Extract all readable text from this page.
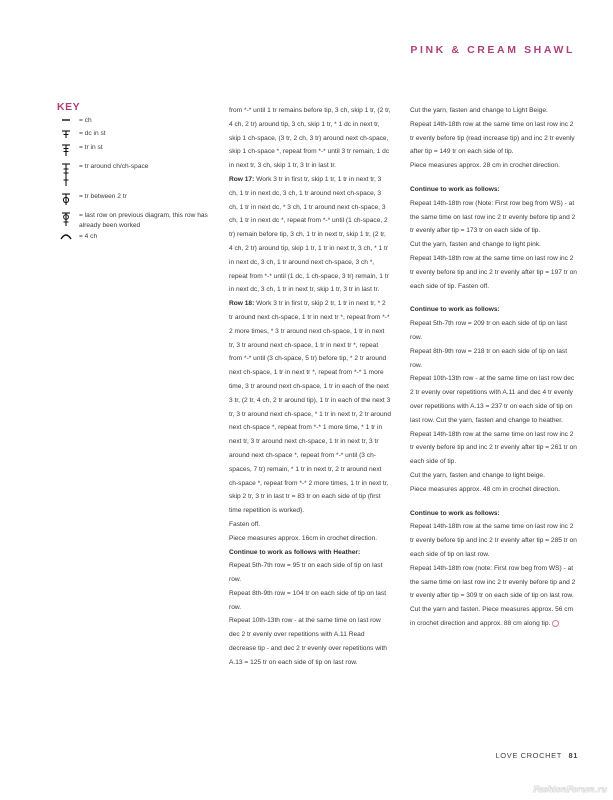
PINK & CREAM SHAWL
KEY
= ch
= dc in st
= tr in st
= tr around ch/ch-space
= tr between 2 tr
= last row on previous diagram, this row has already been worked
= 4 ch

from *-* until 1 tr remains before tip, 3 ch, skip 1 tr, (2 tr, 4 ch, 2 tr) around tip, 3 ch, skip 1 tr, * 1 dc in next tr, skip 1 ch-space, (3 tr, 2 ch, 3 tr) around next ch-space, skip 1 ch-space *, repeat from *-* until 3 tr remain, 1 dc in next tr, 3 ch, skip 1 tr, 3 tr in last tr.

Row 17: Work 3 tr in first tr, skip 1 tr, 1 tr in next tr, 3 ch, 1 tr in next dc, 3 ch, 1 tr around next ch-space, 3 ch, 1 tr in next dc, * 3 ch, 1 tr around next ch-space, 3 ch, 1 tr in next dc *, repeat from *-* until (1 ch-space, 2 tr) remain before tip, 3 ch, 1 tr in next tr, skip 1 tr, (2 tr, 4 ch, 2 tr) around tip, skip 1 tr, 1 tr in next tr, 3 ch, * 1 tr in next dc, 3 ch, 1 tr around next ch-space, 3 ch *, repeat from *-* until (1 dc, 1 ch-space, 3 tr) remain, 1 tr in next dc, 3 ch, 1 tr in next tr, skip 1 tr, 3 tr in last tr.

Row 18: Work 3 tr in first tr, skip 2 tr, 1 tr in next tr, * 2 tr around next ch-space, 1 tr in next tr *, repeat from *-* 2 more times, * 3 tr around next ch-space, 1 tr in next tr, 3 tr around next ch-space, 1 tr in next tr *, repeat from *-* until (3 ch-space, 5 tr) before tip, * 2 tr around next ch-space, 1 tr in next tr *, repeat from *-* 1 more time, 3 tr around next ch-space, 1 tr in each of the next 3 tr, (2 tr, 4 ch, 2 tr around tip), 1 tr in each of the next 3 tr, 3 tr around next ch-space, * 1 tr in next tr, 2 tr around next ch-space *, repeat from *-* 1 more time, * 1 tr in next tr, 3 tr around next ch-space, 1 tr in next tr, 3 tr around next ch-space *, repeat from *-* until (3 ch-spaces, 7 tr) remain, * 1 tr in next tr, 2 tr around next ch-space *, repeat from *-* 2 more times, 1 tr in next tr, skip 2 tr, 3 tr in last tr = 83 tr on each side of tip (first time repetition is worked).

Fasten off.

Piece measures approx. 16cm in crochet direction.

Continue to work as follows with Heather:

Repeat 5th-7th row = 95 tr on each side of tip on last row.

Repeat 8th-9th row = 104 tr on each side of tip on last row.

Repeat 10th-13th row - at the same time on last row dec 2 tr evenly over repetitions with A.11 Read decrease tip - and dec 2 tr evenly over repetitions with A.13 = 125 tr on each side of tip on last row.

Cut the yarn, fasten and change to Light Beige.

Repeat 14th-18th row at the same time on last row inc 2 tr evenly before tip (read increase tip) and inc 2 tr evenly after tip = 149 tr on each side of tip.

Piece measures approx. 28 cm in crochet direction.

Continue to work as follows:

Repeat 14th-18th row (Note: First row beg from WS) - at the same time on last row inc 2 tr evenly before tip and 2 tr evenly after tip = 173 tr on each side of tip.

Cut the yarn, fasten and change to light pink.

Repeat 14th-18th row at the same time on last row inc 2 tr evenly before tip and inc 2 tr evenly after tip = 197 tr on each side of tip. Fasten off.

Continue to work as follows:

Repeat 5th-7th row = 209 tr on each side of tip on last row.

Repeat 8th-9th row = 218 tr on each side of tip on last row.

Repeat 10th-13th row - at the same time on last row dec 2 tr evenly over repetitions with A.11 and dec 4 tr evenly over repetitions with A.13 = 237 tr on each side of tip on last row. Cut the yarn, fasten and change to heather.

Repeat 14th-18th row at the same time on last row inc 2 tr evenly before tip and inc 2 tr evenly after tip = 261 tr on each side of tip.

Cut the yarn, fasten and change to light beige.

Piece measures approx. 48 cm in crochet direction.

Continue to work as follows:

Repeat 14th-18th row at the same time on last row inc 2 tr evenly before tip and inc 2 tr evenly after tip = 285 tr on each side of tip on last row.

Repeat 14th-18th row (note: First row beg from WS) - at the same time on last row inc 2 tr evenly before tip and 2 tr evenly after tip = 309 tr on each side of tip on last row. Cut the yarn and fasten. Piece measures approx. 56 cm in crochet direction and approx. 88 cm along tip.

LOVE CROCHET 81
FashionForum.ru
